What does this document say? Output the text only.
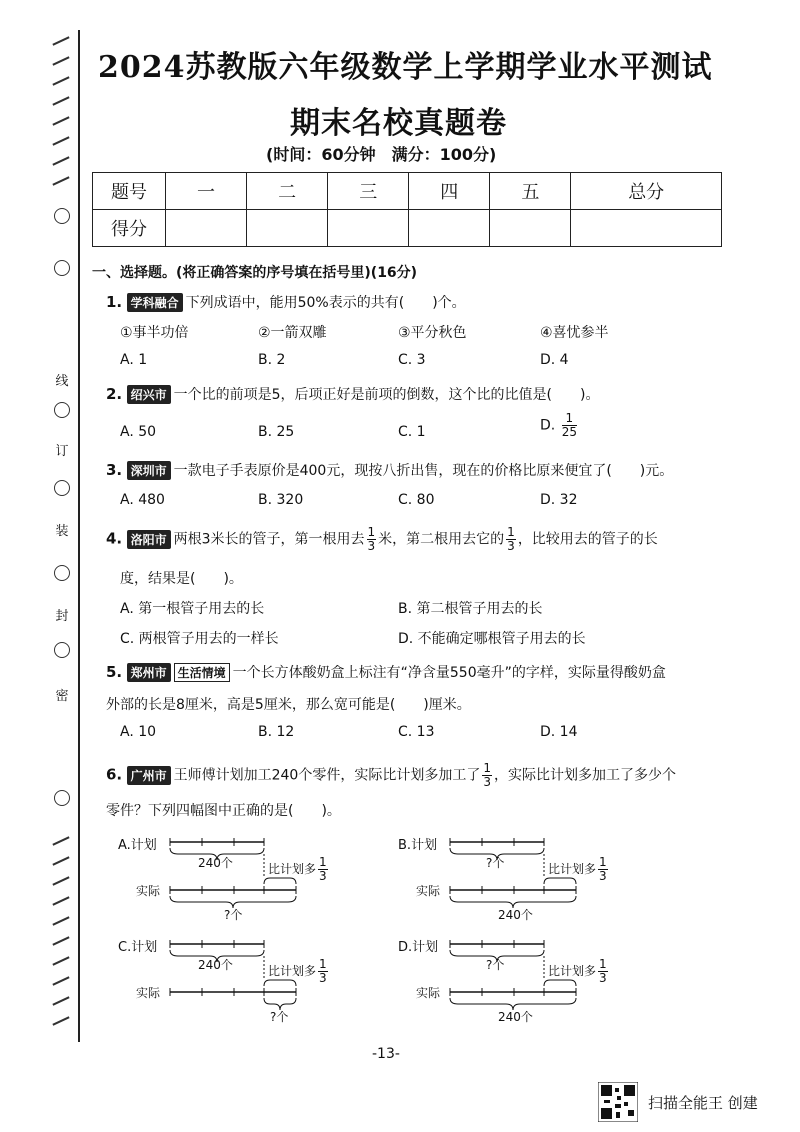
线
订
装
封
密
2024苏教版六年级数学上学期学业水平测试
期末名校真题卷
(时间：60分钟　满分：100分)
题号	一	二	三	四	五	总分
得分						
一、选择题。(将正确答案的序号填在括号里)(16分)
1. 学科融合 下列成语中，能用50%表示的共有(　　)个。
①事半功倍	②一箭双雕	③平分秋色	④喜忧参半
A. 1	B. 2	C. 3	D. 4
2. 绍兴市 一个比的前项是5，后项正好是前项的倒数，这个比的比值是(　　)。
A. 50	B. 25	C. 1	D. $\frac{1}{25}$
3. 深圳市 一款电子手表原价是400元，现按八折出售，现在的价格比原来便宜了(　　)元。
A. 480	B. 320	C. 80	D. 32
4. 洛阳市 两根3米长的管子，第一根用去 $\frac{1}{3}$ 米，第二根用去它的 $\frac{1}{3}$ ，比较用去的管子的长
度，结果是(　　)。
A. 第一根管子用去的长	B. 第二根管子用去的长
C. 两根管子用去的一样长	D. 不能确定哪根管子用去的长
5. 郑州市 生活情境 一个长方体酸奶盒上标注有“净含量550毫升”的字样，实际量得酸奶盒
外部的长是8厘米，高是5厘米，那么宽可能是(　　)厘米。
A. 10	B. 12	C. 13	D. 14
6. 广州市 王师傅计划加工240个零件，实际比计划多加工了 $\frac{1}{3}$ ，实际比计划多加工了多少个
零件？下列四幅图中正确的是(　　)。
A.计划
240个	比计划多 $\frac{1}{3}$
实际
?个
B.计划
?个	比计划多 $\frac{1}{3}$
实际
240个
C.计划
240个	比计划多 $\frac{1}{3}$
实际
?个
D.计划
?个	比计划多 $\frac{1}{3}$
实际
240个
-13-
扫描全能王 创建
